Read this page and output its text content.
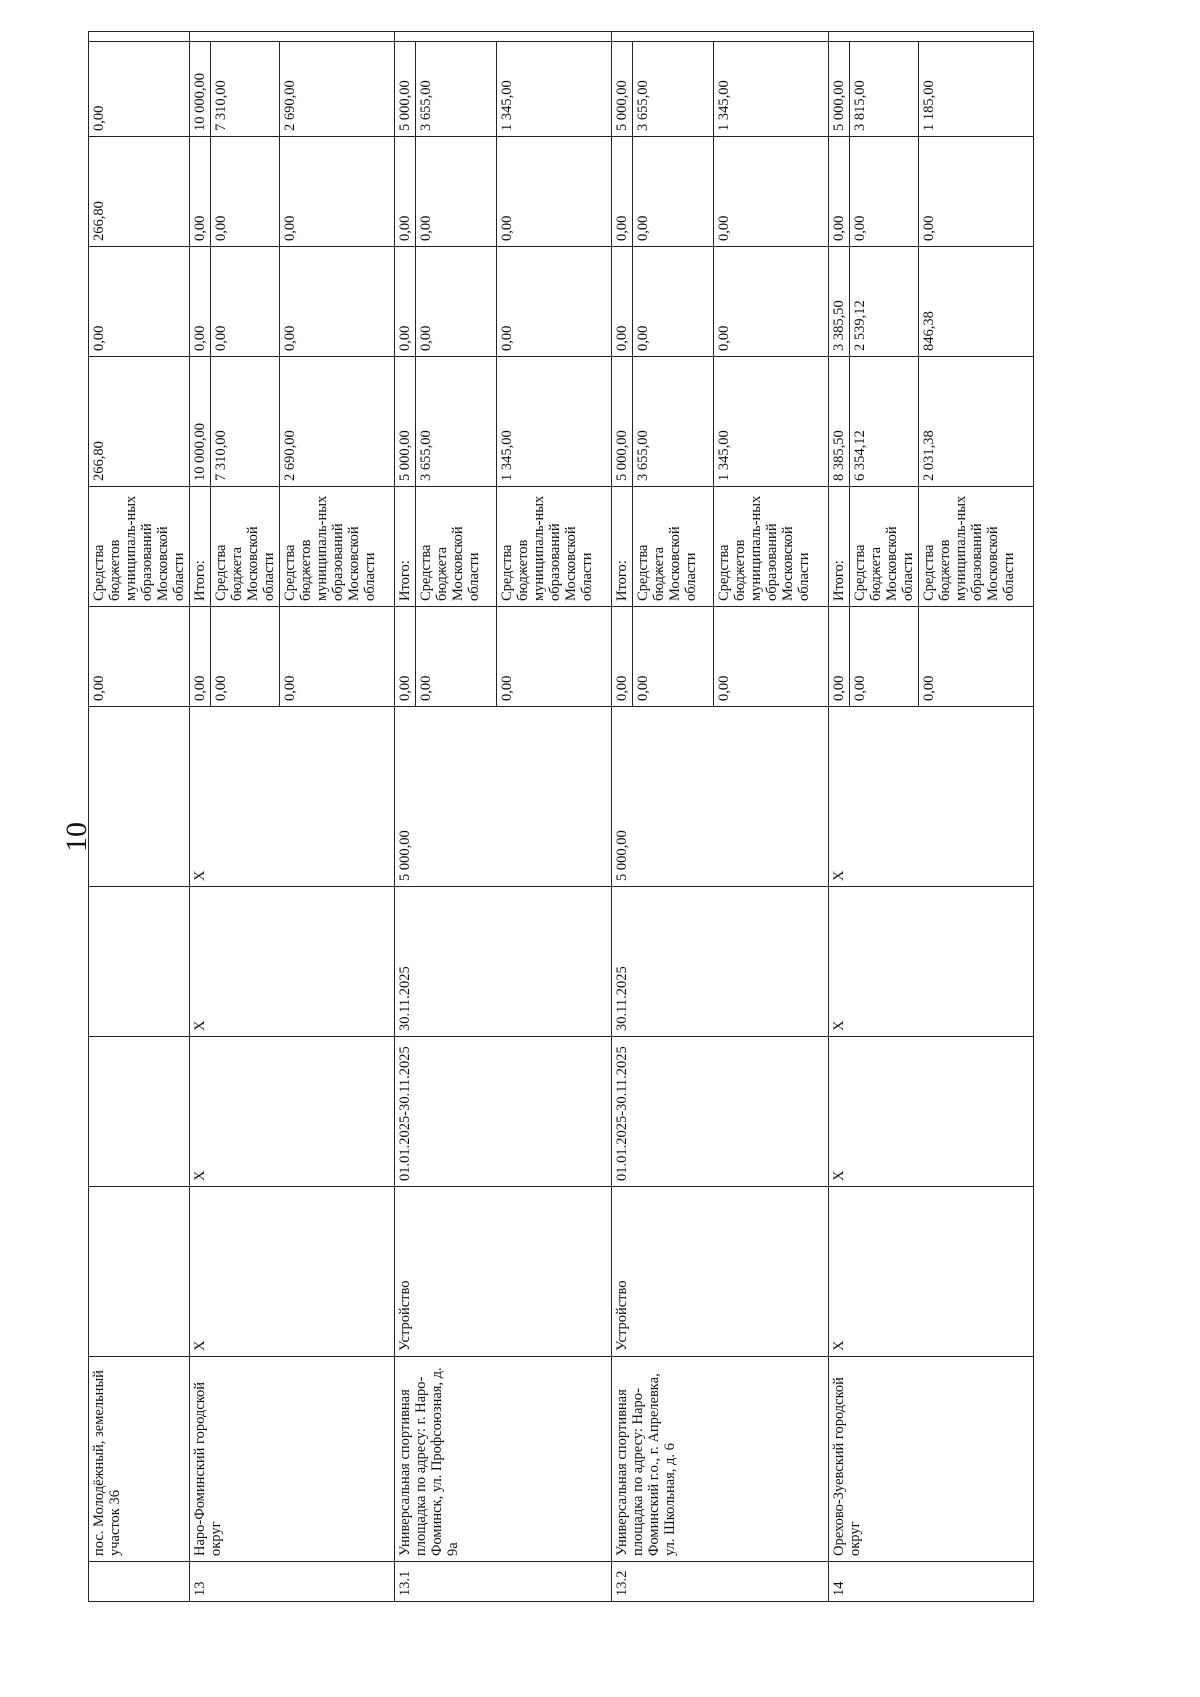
10
	пос. Молодёжный, земельный участок 36					0,00	Средства бюджетов муниципаль-ных образований Московской области	266,80	0,00	266,80	0,00	
13	Наро-Фоминский городской округ	X	X	X	X	0,00	Итого:	10 000,00	0,00	0,00	10 000,00	
						0,00	Средства бюджета Московской области	7 310,00	0,00	0,00	7 310,00	
						0,00	Средства бюджетов муниципаль-ных образований Московской области	2 690,00	0,00	0,00	2 690,00	
13.1	Универсальная спортивная площадка по адресу: г. Наро-Фоминск, ул. Профсоюзная, д. 9а	Устройство	01.01.2025-30.11.2025	30.11.2025	5 000,00	0,00	Итого:	5 000,00	0,00	0,00	5 000,00	
						0,00	Средства бюджета Московской области	3 655,00	0,00	0,00	3 655,00	
						0,00	Средства бюджетов муниципаль-ных образований Московской области	1 345,00	0,00	0,00	1 345,00	
13.2	Универсальная спортивная площадка по адресу: Наро-Фоминский г.о., г. Апрелевка, ул. Школьная, д. 6	Устройство	01.01.2025-30.11.2025	30.11.2025	5 000,00	0,00	Итого:	5 000,00	0,00	0,00	5 000,00	
						0,00	Средства бюджета Московской области	3 655,00	0,00	0,00	3 655,00	
						0,00	Средства бюджетов муниципаль-ных образований Московской области	1 345,00	0,00	0,00	1 345,00	
14	Орехово-Зуевский городской округ	X	X	X	X	0,00	Итого:	8 385,50	3 385,50	0,00	5 000,00	
						0,00	Средства бюджета Московской области	6 354,12	2 539,12	0,00	3 815,00	
						0,00	Средства бюджетов муниципаль-ных образований Московской области	2 031,38	846,38	0,00	1 185,00	
